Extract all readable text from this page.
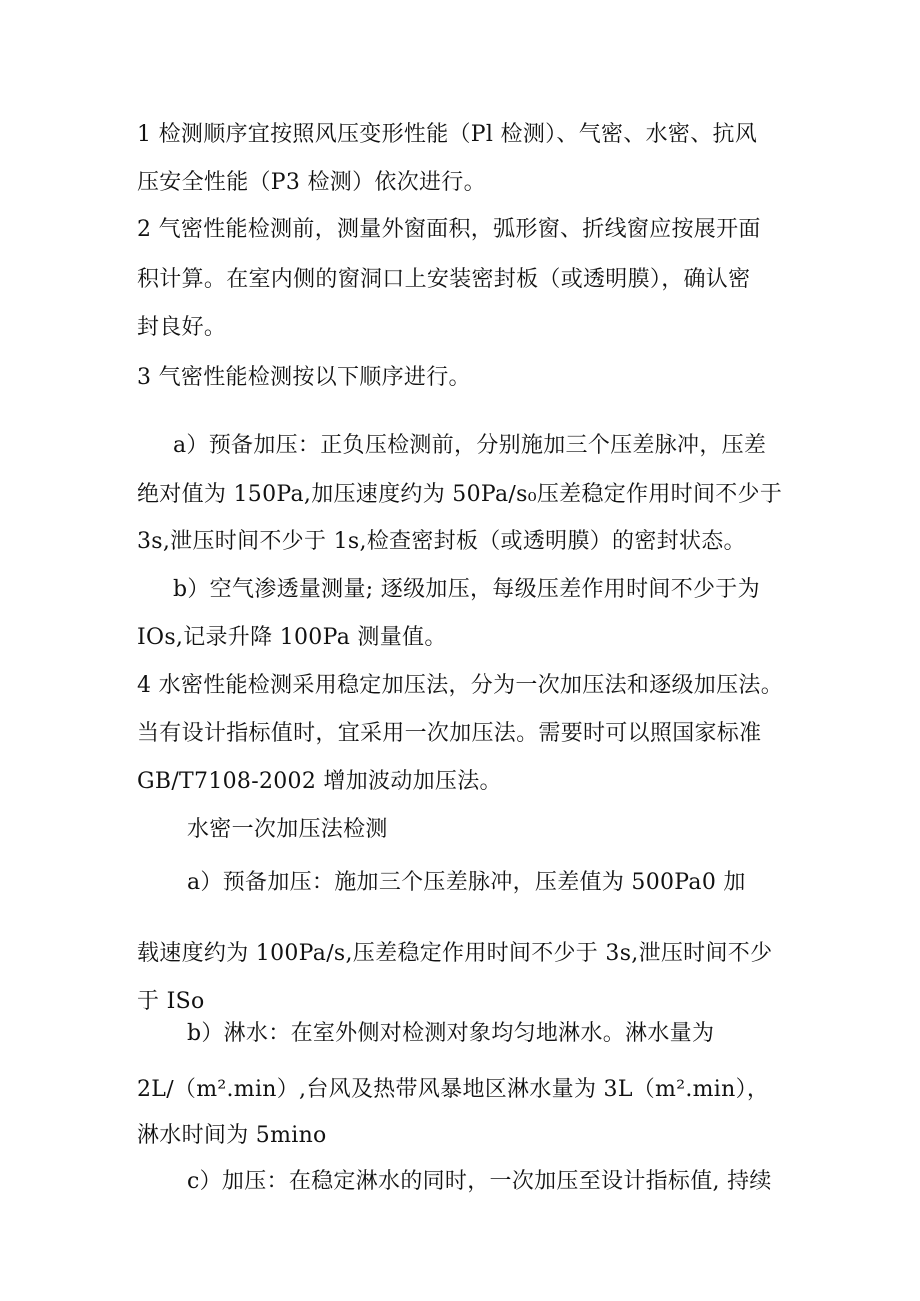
1 检测顺序宜按照风压变形性能（Pl 检测）、气密、水密、抗风
压安全性能（P3 检测）依次进行。
2 气密性能检测前，测量外窗面积，弧形窗、折线窗应按展开面
积计算。在室内侧的窗洞口上安装密封板（或透明膜），确认密
封良好。
3 气密性能检测按以下顺序进行。
a）预备加压：正负压检测前，分别施加三个压差脉冲，压差
绝对值为 150Pa,加压速度约为 50Pa∕s₀压差稳定作用时间不少于
3s,泄压时间不少于 1s,检查密封板（或透明膜）的密封状态。
b）空气渗透量测量; 逐级加压，每级压差作用时间不少于为
IOs,记录升降 100Pa 测量值。
4 水密性能检测采用稳定加压法，分为一次加压法和逐级加压法。
当有设计指标值时，宜采用一次加压法。需要时可以照国家标准
GB/T7108-2002 增加波动加压法。
水密一次加压法检测
a）预备加压：施加三个压差脉冲，压差值为 500Pa0 加
载速度约为 100Pa∕s,压差稳定作用时间不少于 3s,泄压时间不少
于 ISo
b）淋水：在室外侧对检测对象均匀地淋水。淋水量为
2L∕（m².min）,台风及热带风暴地区淋水量为 3L（m².min），
淋水时间为 5mino
c）加压：在稳定淋水的同时，一次加压至设计指标值, 持续
